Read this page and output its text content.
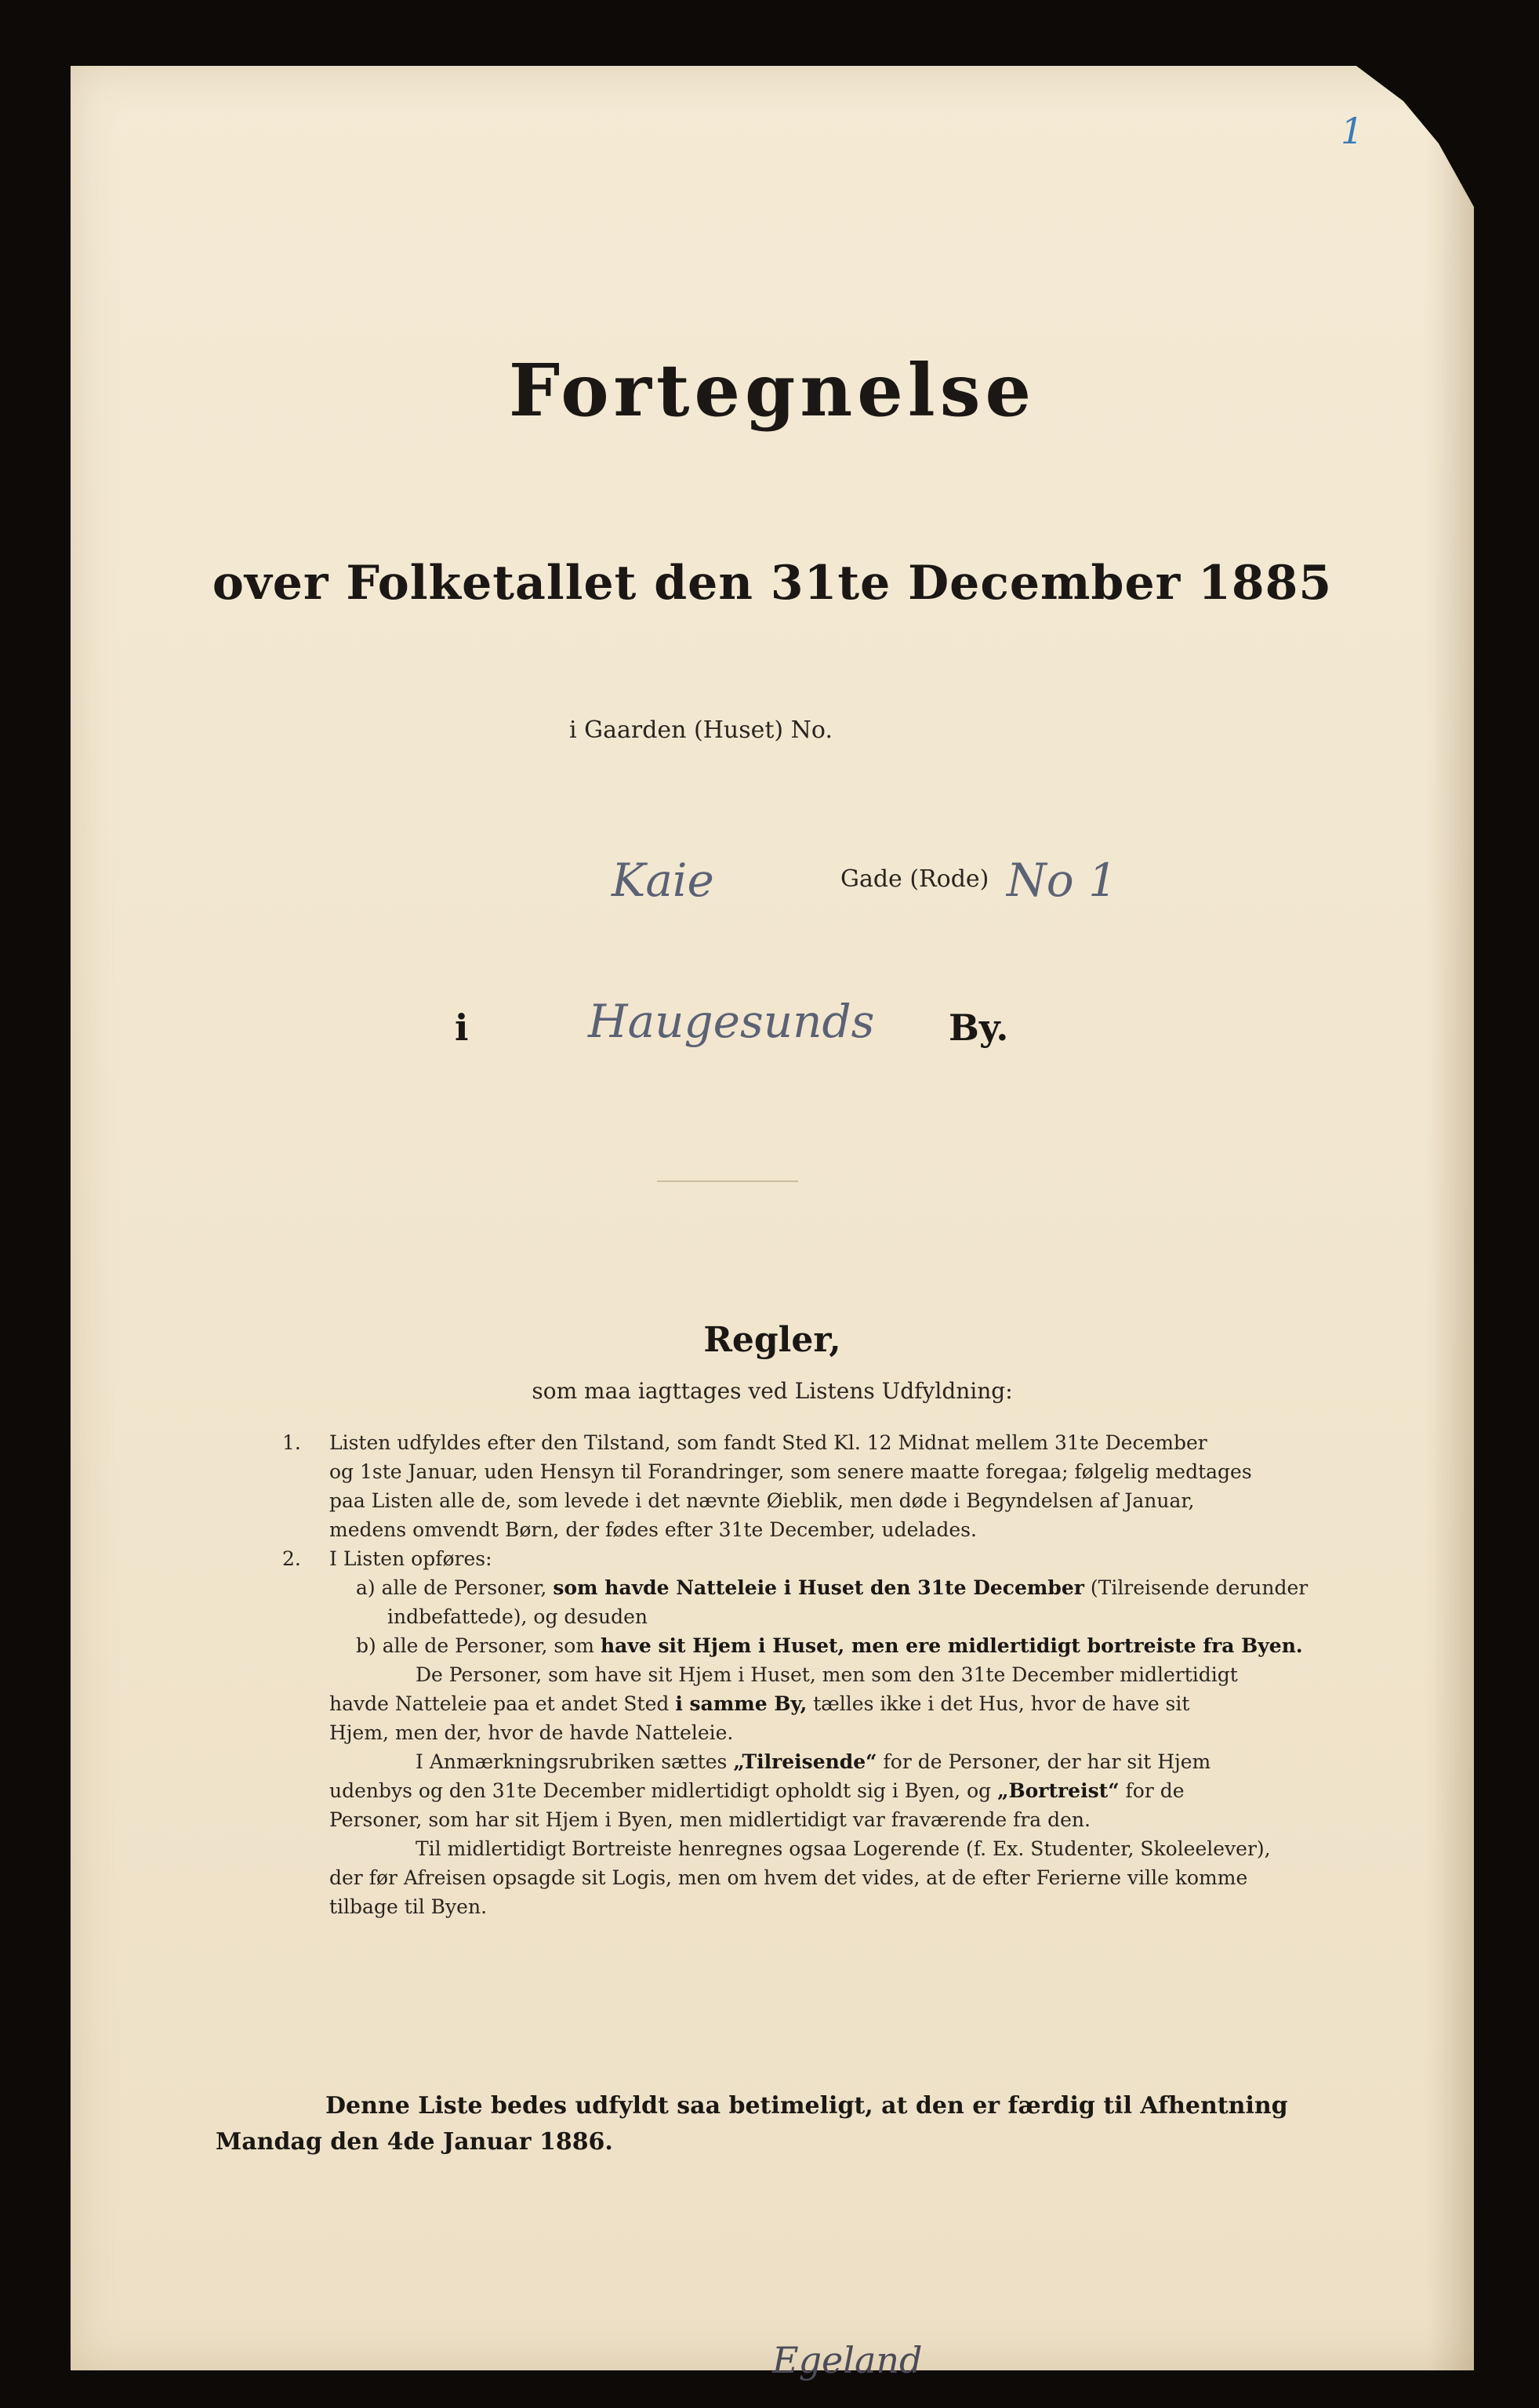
1
Fortegnelse
over Folketallet den 31te December 1885
i Gaarden (Huset) No.
Kaie	Gade (Rode) No 1
i	Haugesunds By.
Regler,
som maa iagttages ved Listens Udfyldning:
1. Listen udfyldes efter den Tilstand, som fandt Sted Kl. 12 Midnat mellem 31te December
og 1ste Januar, uden Hensyn til Forandringer, som senere maatte foregaa; følgelig medtages
paa Listen alle de, som levede i det nævnte Øieblik, men døde i Begyndelsen af Januar,
medens omvendt Børn, der fødes efter 31te December, udelades.
2. I Listen opføres:
a) alle de Personer, som havde Natteleie i Huset den 31te December (Tilreisende derunder
indbefattede), og desuden
b) alle de Personer, som have sit Hjem i Huset, men ere midlertidigt bortreiste fra Byen.
De Personer, som have sit Hjem i Huset, men som den 31te December midlertidigt
havde Natteleie paa et andet Sted i samme By, tælles ikke i det Hus, hvor de have sit
Hjem, men der, hvor de havde Natteleie.
I Anmærkningsrubriken sættes „Tilreisende“ for de Personer, der har sit Hjem
udenbys og den 31te December midlertidigt opholdt sig i Byen, og „Bortreist“ for de
Personer, som har sit Hjem i Byen, men midlertidigt var fraværende fra den.
Til midlertidigt Bortreiste henregnes ogsaa Logerende (f. Ex. Studenter, Skoleelever),
der før Afreisen opsagde sit Logis, men om hvem det vides, at de efter Ferierne ville komme
tilbage til Byen.
Denne Liste bedes udfyldt saa betimeligt, at den er færdig til Afhentning
Mandag den 4de Januar 1886.
Egeland
